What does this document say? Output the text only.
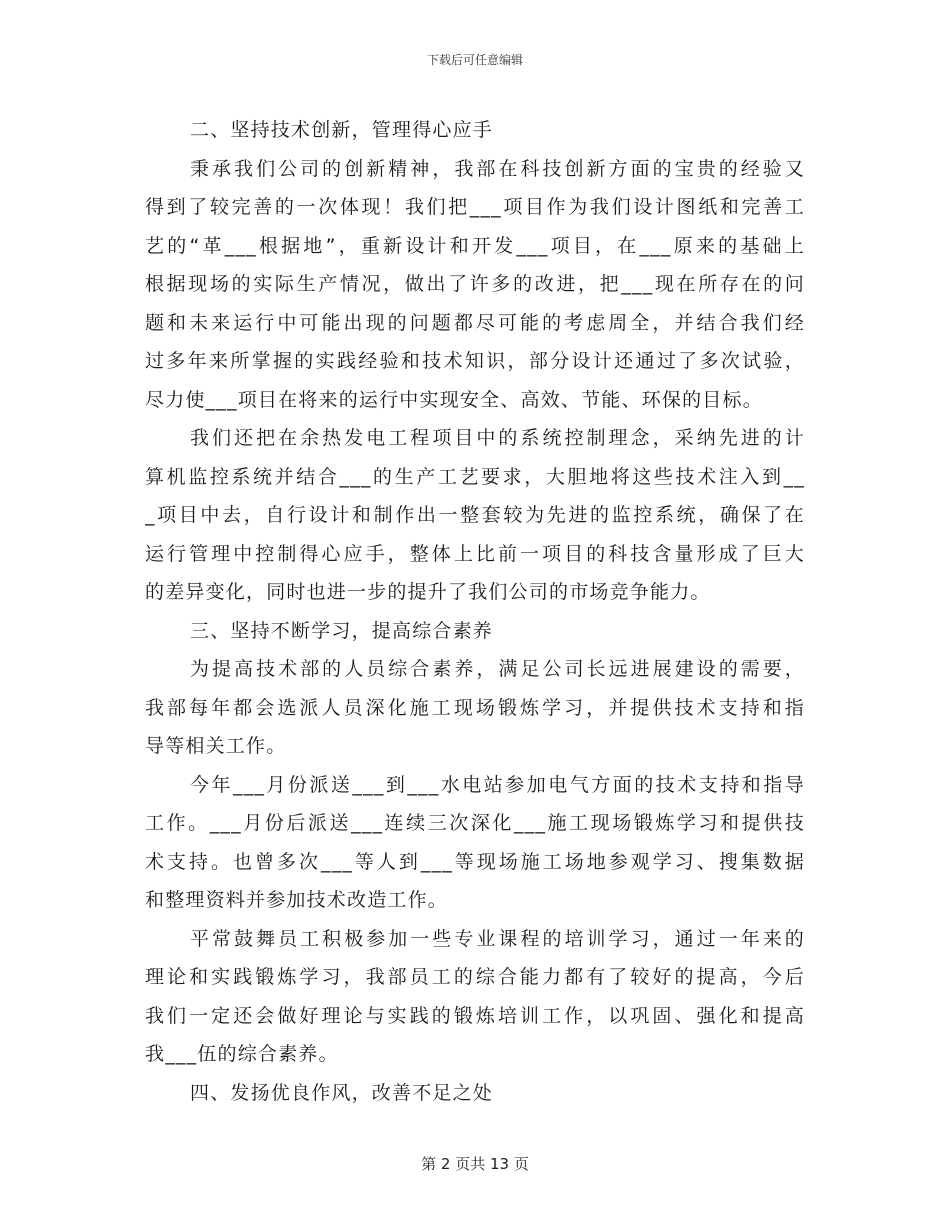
下载后可任意编辑
二、坚持技术创新，管理得心应手
秉承我们公司的创新精神，我部在科技创新方面的宝贵的经验又
得到了较完善的一次体现！我们把___项目作为我们设计图纸和完善工
艺的“革___根据地”，重新设计和开发___项目，在___原来的基础上
根据现场的实际生产情况，做出了许多的改进，把___现在所存在的问
题和未来运行中可能出现的问题都尽可能的考虑周全，并结合我们经
过多年来所掌握的实践经验和技术知识，部分设计还通过了多次试验，
尽力使___项目在将来的运行中实现安全、高效、节能、环保的目标。
我们还把在余热发电工程项目中的系统控制理念，采纳先进的计
算机监控系统并结合___的生产工艺要求，大胆地将这些技术注入到__
_项目中去，自行设计和制作出一整套较为先进的监控系统，确保了在
运行管理中控制得心应手，整体上比前一项目的科技含量形成了巨大
的差异变化，同时也进一步的提升了我们公司的市场竞争能力。
三、坚持不断学习，提高综合素养
为提高技术部的人员综合素养，满足公司长远进展建设的需要，
我部每年都会选派人员深化施工现场锻炼学习，并提供技术支持和指
导等相关工作。
今年___月份派送___到___水电站参加电气方面的技术支持和指导
工作。___月份后派送___连续三次深化___施工现场锻炼学习和提供技
术支持。也曾多次___等人到___等现场施工场地参观学习、搜集数据
和整理资料并参加技术改造工作。
平常鼓舞员工积极参加一些专业课程的培训学习，通过一年来的
理论和实践锻炼学习，我部员工的综合能力都有了较好的提高，今后
我们一定还会做好理论与实践的锻炼培训工作，以巩固、强化和提高
我___伍的综合素养。
四、发扬优良作风，改善不足之处
第 2 页共 13 页
